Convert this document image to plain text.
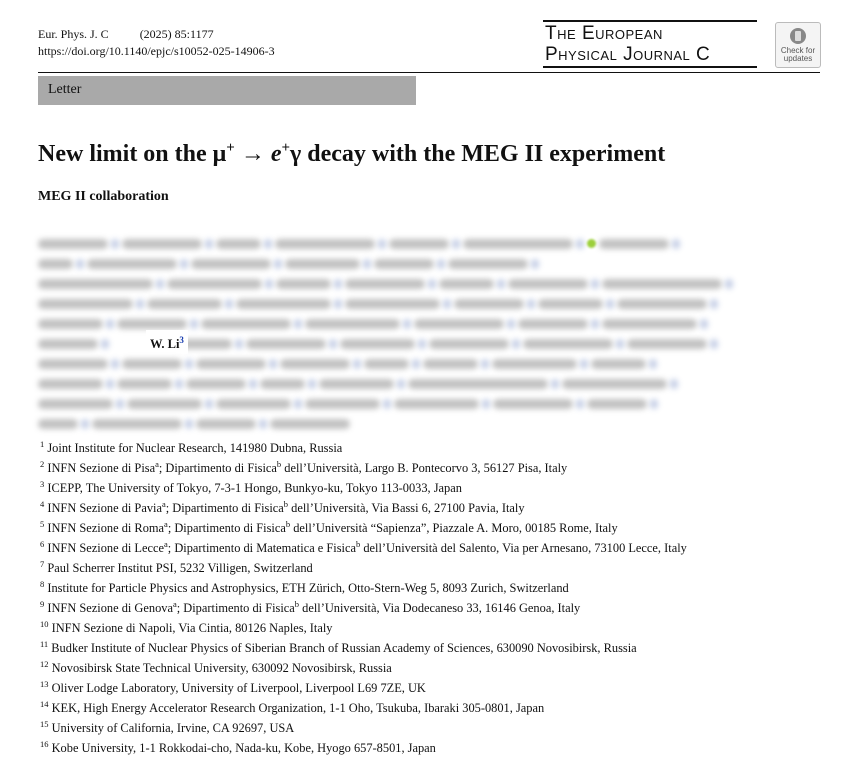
Eur. Phys. J. C	(2025) 85:1177
https://doi.org/10.1140/epjc/s10052-025-14906-3
The European
Physical Journal C	Check for
updates
Letter
New limit on the μ+ → e+γ decay with the MEG II experiment
MEG II collaboration
W. Li$^3$
$^1$ Joint Institute for Nuclear Research, 141980 Dubna, Russia
$^2$ INFN Sezione di Pisa$^a$; Dipartimento di Fisica$^b$ dell’Università, Largo B. Pontecorvo 3, 56127 Pisa, Italy
$^3$ ICEPP, The University of Tokyo, 7-3-1 Hongo, Bunkyo-ku, Tokyo 113-0033, Japan
$^4$ INFN Sezione di Pavia$^a$; Dipartimento di Fisica$^b$ dell’Università, Via Bassi 6, 27100 Pavia, Italy
$^5$ INFN Sezione di Roma$^a$; Dipartimento di Fisica$^b$ dell’Università “Sapienza”, Piazzale A. Moro, 00185 Rome, Italy
$^6$ INFN Sezione di Lecce$^a$; Dipartimento di Matematica e Fisica$^b$ dell’Università del Salento, Via per Arnesano, 73100 Lecce, Italy
$^7$ Paul Scherrer Institut PSI, 5232 Villigen, Switzerland
$^8$ Institute for Particle Physics and Astrophysics, ETH Zürich, Otto-Stern-Weg 5, 8093 Zurich, Switzerland
$^9$ INFN Sezione di Genova$^a$; Dipartimento di Fisica$^b$ dell’Università, Via Dodecaneso 33, 16146 Genoa, Italy
$^{10}$ INFN Sezione di Napoli, Via Cintia, 80126 Naples, Italy
$^{11}$ Budker Institute of Nuclear Physics of Siberian Branch of Russian Academy of Sciences, 630090 Novosibirsk, Russia
$^{12}$ Novosibirsk State Technical University, 630092 Novosibirsk, Russia
$^{13}$ Oliver Lodge Laboratory, University of Liverpool, Liverpool L69 7ZE, UK
$^{14}$ KEK, High Energy Accelerator Research Organization, 1-1 Oho, Tsukuba, Ibaraki 305-0801, Japan
$^{15}$ University of California, Irvine, CA 92697, USA
$^{16}$ Kobe University, 1-1 Rokkodai-cho, Nada-ku, Kobe, Hyogo 657-8501, Japan
